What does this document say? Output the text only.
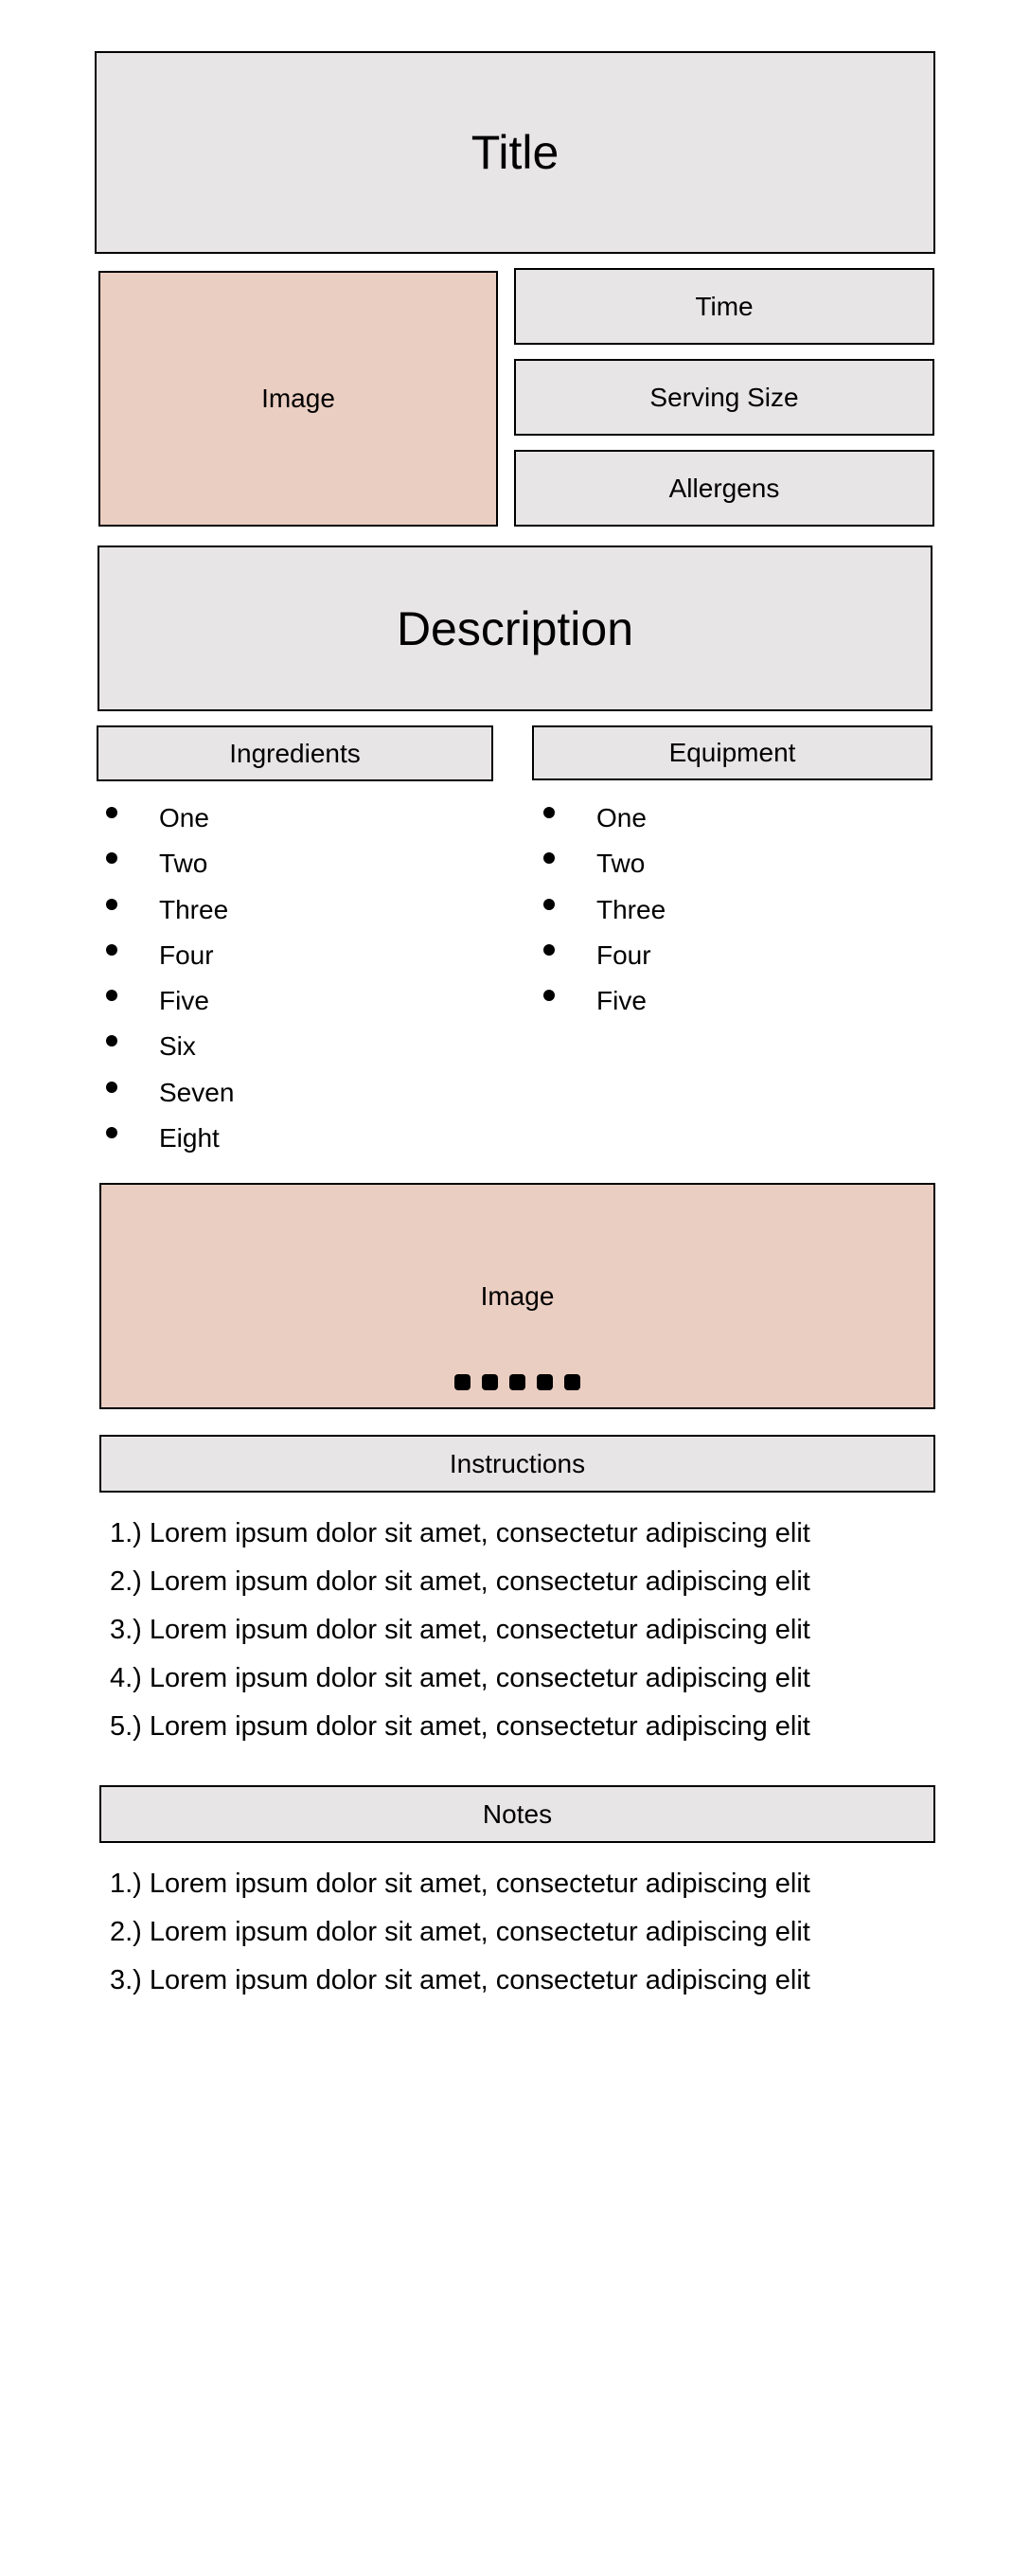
Title
Image
Time
Serving Size
Allergens
Description
Ingredients	Equipment
One
Two
Three
Four
Five
Six
Seven
Eight
One
Two
Three
Four
Five
Image
Instructions
1.) Lorem ipsum dolor sit amet, consectetur adipiscing elit
2.) Lorem ipsum dolor sit amet, consectetur adipiscing elit
3.) Lorem ipsum dolor sit amet, consectetur adipiscing elit
4.) Lorem ipsum dolor sit amet, consectetur adipiscing elit
5.) Lorem ipsum dolor sit amet, consectetur adipiscing elit
Notes
1.) Lorem ipsum dolor sit amet, consectetur adipiscing elit
2.) Lorem ipsum dolor sit amet, consectetur adipiscing elit
3.) Lorem ipsum dolor sit amet, consectetur adipiscing elit
